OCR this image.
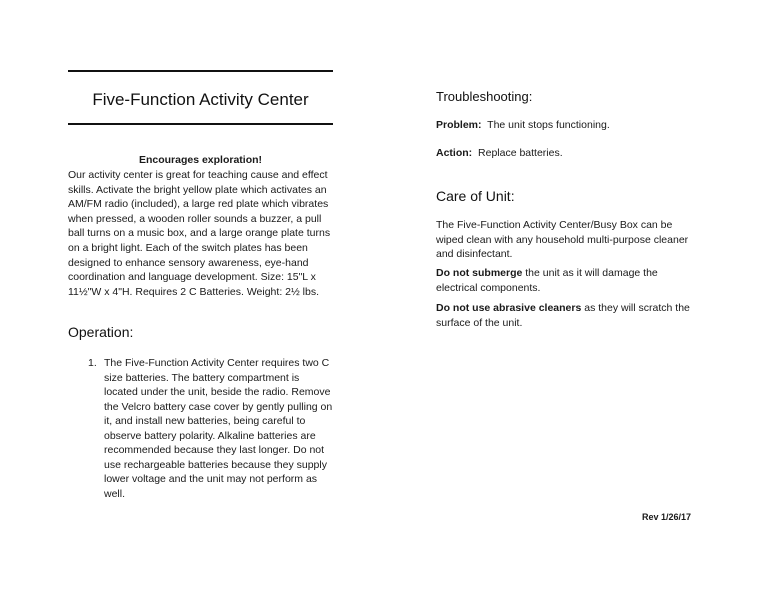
Five-Function Activity Center
Encourages exploration!
Our activity center is great for teaching cause and effect skills. Activate the bright yellow plate which activates an AM/FM radio (included), a large red plate which vibrates when pressed, a wooden roller sounds a buzzer, a pull ball turns on a music box, and a large orange plate turns on a bright light. Each of the switch plates has been designed to enhance sensory awareness, eye-hand coordination and language development. Size: 15"L x 11½"W x 4"H. Requires 2 C Batteries. Weight: 2½ lbs.
Operation:
1. The Five-Function Activity Center requires two C size batteries. The battery compartment is located under the unit, beside the radio. Remove the Velcro battery case cover by gently pulling on it, and install new batteries, being careful to observe battery polarity. Alkaline batteries are recommended because they last longer. Do not use rechargeable batteries because they supply lower voltage and the unit may not perform as well.
Troubleshooting:
Problem: The unit stops functioning.
Action: Replace batteries.
Care of Unit:
The Five-Function Activity Center/Busy Box can be wiped clean with any household multi-purpose cleaner and disinfectant.
Do not submerge the unit as it will damage the electrical components.
Do not use abrasive cleaners as they will scratch the surface of the unit.
Rev 1/26/17
